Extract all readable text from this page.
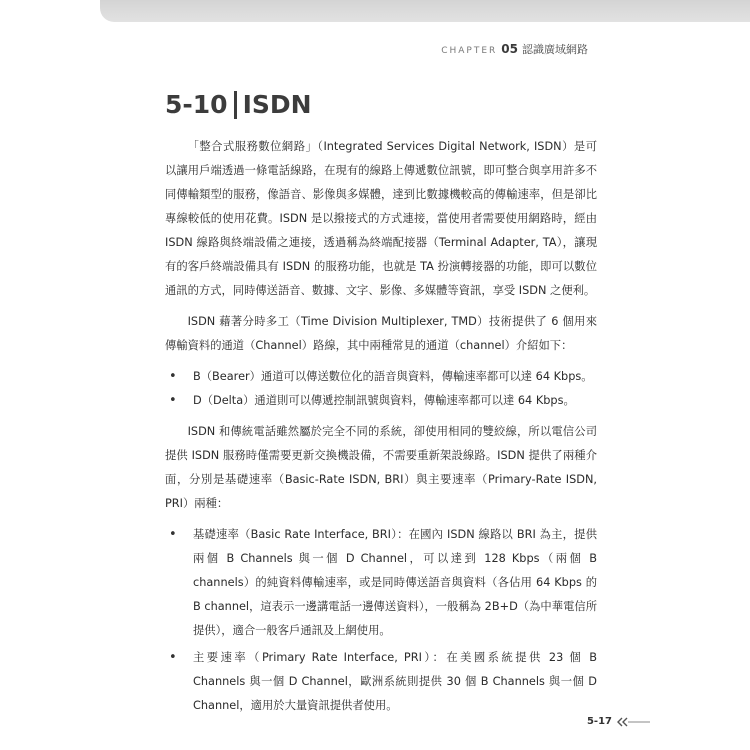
CHAPTER 05 認識廣域網路
5-10 ISDN

「整合式服務數位網路」（Integrated Services Digital Network, ISDN）是可以讓用戶端透過一條電話線路，在現有的線路上傳遞數位訊號，即可整合與享用許多不同傳輸類型的服務，像語音、影像與多媒體，達到比數據機較高的傳輸速率，但是卻比專線較低的使用花費。ISDN 是以撥接式的方式連接，當使用者需要使用網路時，經由 ISDN 線路與終端設備之連接，透過稱為終端配接器（Terminal Adapter, TA），讓現有的客戶終端設備具有 ISDN 的服務功能，也就是 TA 扮演轉接器的功能，即可以數位通訊的方式，同時傳送語音、數據、文字、影像、多媒體等資訊，享受 ISDN 之便利。

ISDN 藉著分時多工（Time Division Multiplexer, TMD）技術提供了 6 個用來傳輸資料的通道（Channel）路線，其中兩種常見的通道（channel）介紹如下：

• B（Bearer）通道可以傳送數位化的語音與資料，傳輸速率都可以達 64 Kbps。
• D（Delta）通道則可以傳遞控制訊號與資料，傳輸速率都可以達 64 Kbps。

ISDN 和傳統電話雖然屬於完全不同的系統，卻使用相同的雙絞線，所以電信公司提供 ISDN 服務時僅需要更新交換機設備，不需要重新架設線路。ISDN 提供了兩種介面，分別是基礎速率（Basic-Rate ISDN, BRI）與主要速率（Primary-Rate ISDN, PRI）兩種：

• 基礎速率（Basic Rate Interface, BRI）：在國內 ISDN 線路以 BRI 為主，提供兩個 B Channels 與一個 D Channel，可以達到 128 Kbps（兩個 B channels）的純資料傳輸速率，或是同時傳送語音與資料（各佔用 64 Kbps 的 B channel，這表示一邊講電話一邊傳送資料），一般稱為 2B+D（為中華電信所提供），適合一般客戶通訊及上網使用。
• 主要速率（Primary Rate Interface, PRI）：在美國系統提供 23 個 B Channels 與一個 D Channel，歐洲系統則提供 30 個 B Channels 與一個 D Channel，適用於大量資訊提供者使用。
5-17
